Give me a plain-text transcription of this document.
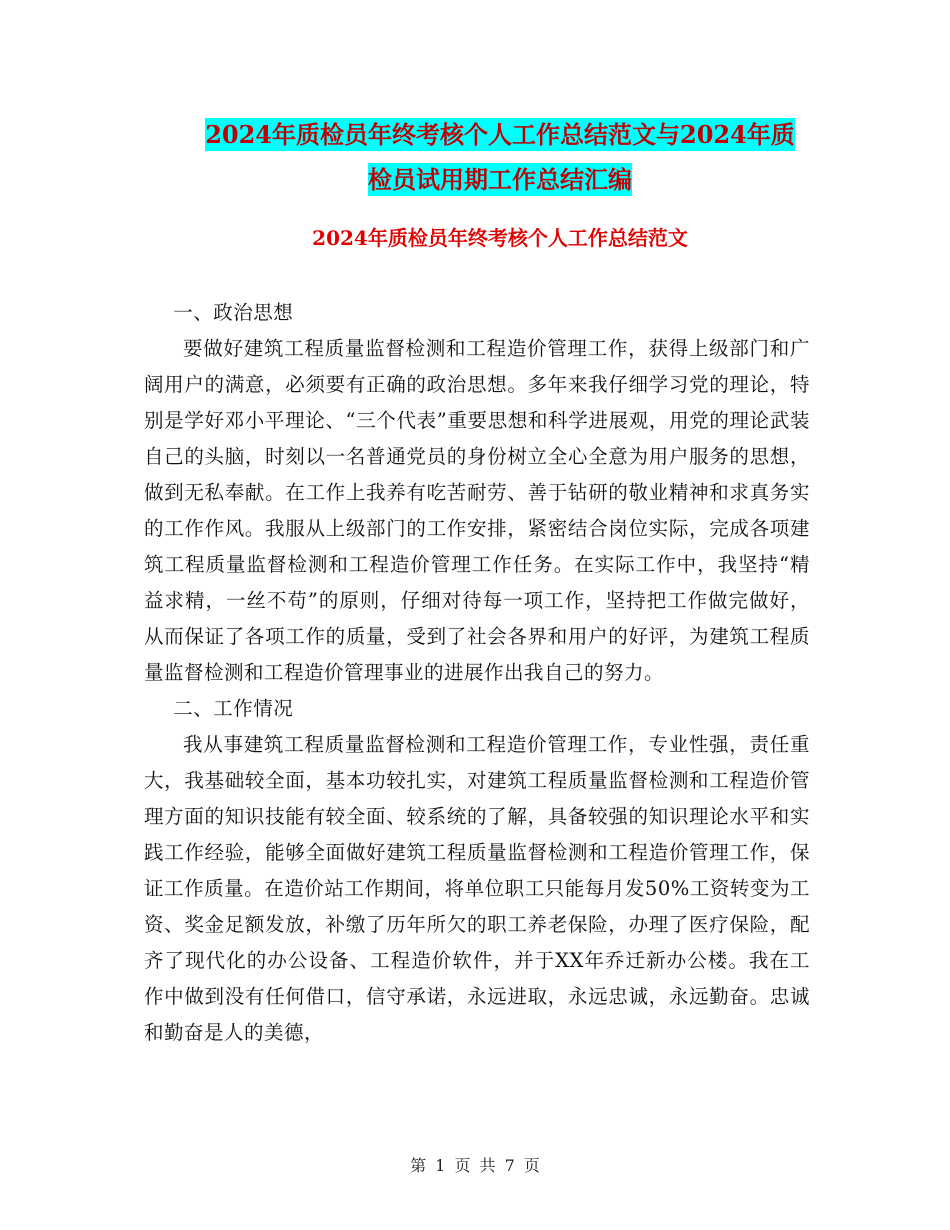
2024年质检员年终考核个人工作总结范文与2024年质
检员试用期工作总结汇编
2024年质检员年终考核个人工作总结范文

一、政治思想

要做好建筑工程质量监督检测和工程造价管理工作，获得上级部门和广阔用户的满意，必须要有正确的政治思想。多年来我仔细学习党的理论，特别是学好邓小平理论、“三个代表”重要思想和科学进展观，用党的理论武装自己的头脑，时刻以一名普通党员的身份树立全心全意为用户服务的思想，做到无私奉献。在工作上我养有吃苦耐劳、善于钻研的敬业精神和求真务实的工作作风。我服从上级部门的工作安排，紧密结合岗位实际，完成各项建筑工程质量监督检测和工程造价管理工作任务。在实际工作中，我坚持“精益求精，一丝不苟”的原则，仔细对待每一项工作，坚持把工作做完做好，从而保证了各项工作的质量，受到了社会各界和用户的好评，为建筑工程质量监督检测和工程造价管理事业的进展作出我自己的努力。

二、工作情况

我从事建筑工程质量监督检测和工程造价管理工作，专业性强，责任重大，我基础较全面，基本功较扎实，对建筑工程质量监督检测和工程造价管理方面的知识技能有较全面、较系统的了解，具备较强的知识理论水平和实践工作经验，能够全面做好建筑工程质量监督检测和工程造价管理工作，保证工作质量。在造价站工作期间，将单位职工只能每月发50%工资转变为工资、奖金足额发放，补缴了历年所欠的职工养老保险，办理了医疗保险，配齐了现代化的办公设备、工程造价软件，并于XX年乔迁新办公楼。我在工作中做到没有任何借口，信守承诺，永远进取，永远忠诚，永远勤奋。忠诚和勤奋是人的美德，

第 1 页 共 7 页
